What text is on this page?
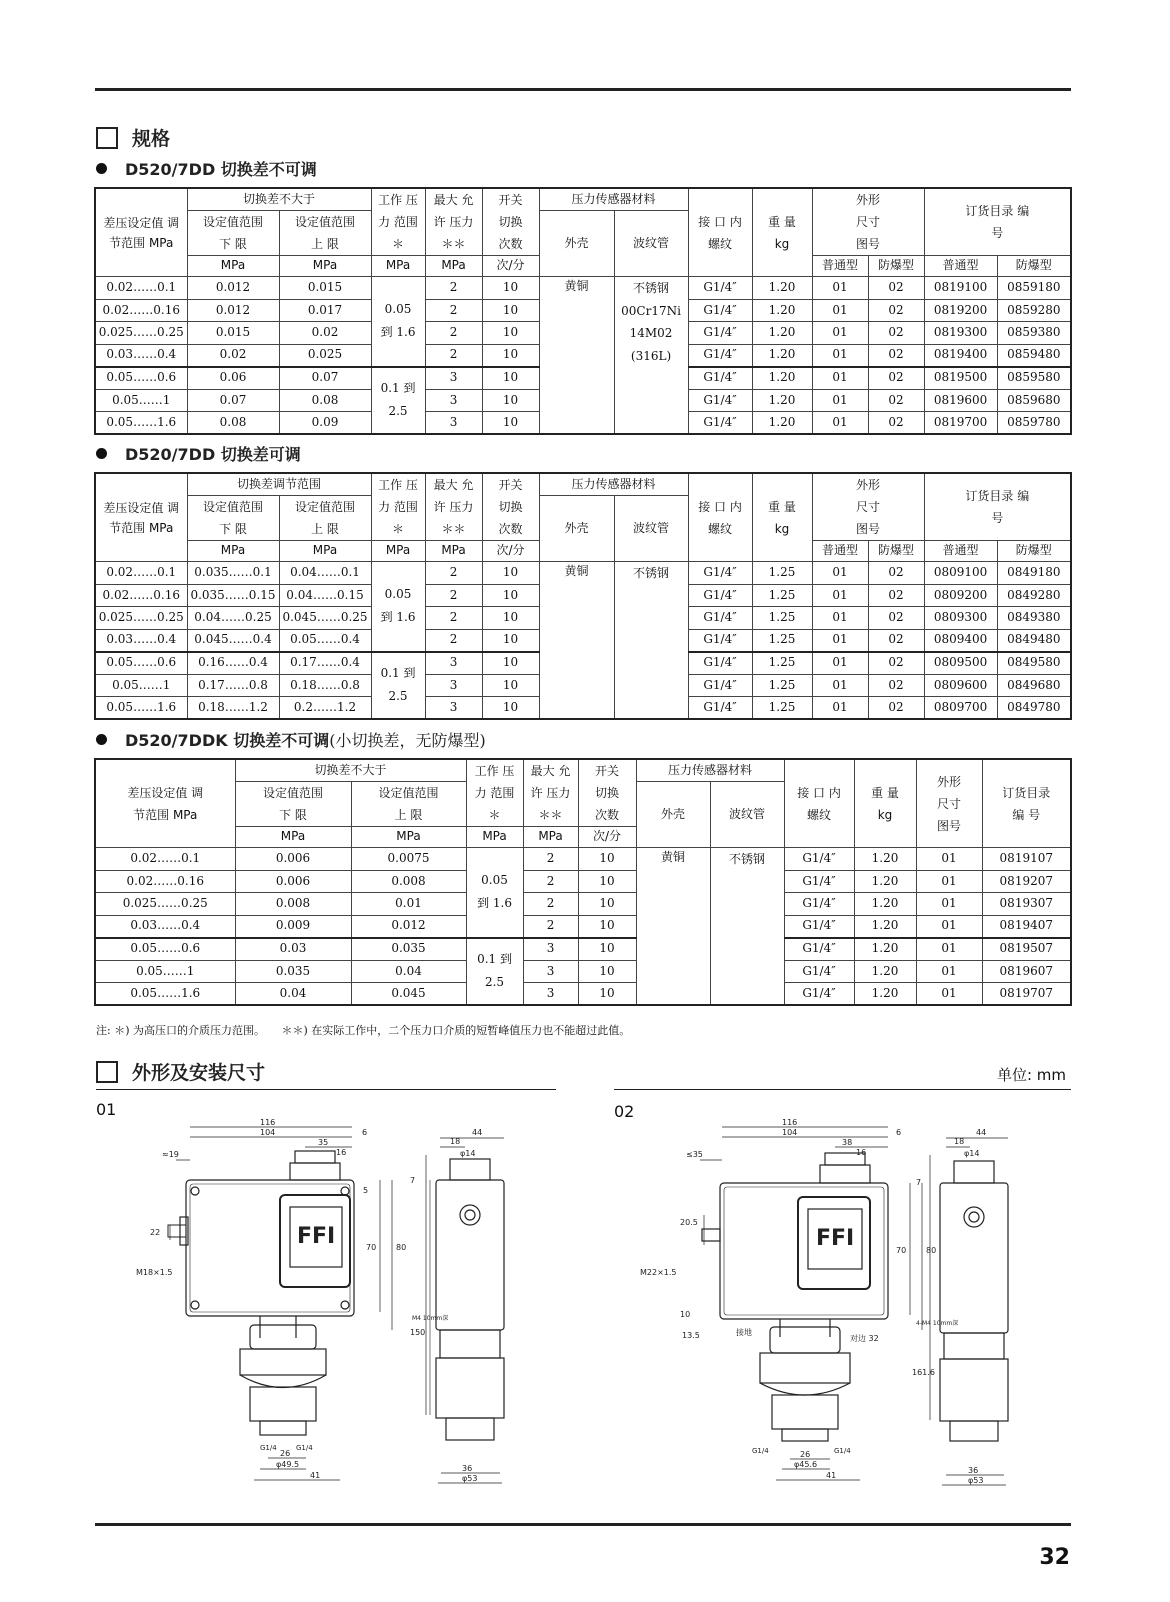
规格
D520/7DD 切换差不可调
差压设定值 调节范围 MPa	切换差不大于		工作 压力 范围＊	最大 允许 压力＊＊	开关 切换 次数	压力传感器材料		接 口 内螺纹	重 量 kg	外形 尺寸 图号		订货目录 编 号	
	设定值范围 下 限	设定值范围 上 限				外壳	波纹管						

	MPa	MPa	MPa	MPa	次/分					普通型	防爆型	普通型	防爆型
0.02……0.1	0.012	0.015	0.05 到 1.6	2	10	黄铜	不锈钢 00Cr17Ni 14M02 (316L)	G1/4″	1.20	01	02	0819100	0859180
0.02……0.16	0.012	0.017		2	10			G1/4″	1.20	01	02	0819200	0859280
0.025……0.25	0.015	0.02		2	10			G1/4″	1.20	01	02	0819300	0859380
0.03……0.4	0.02	0.025		2	10			G1/4″	1.20	01	02	0819400	0859480
0.05……0.6	0.06	0.07	0.1 到 2.5	3	10			G1/4″	1.20	01	02	0819500	0859580
0.05……1	0.07	0.08		3	10			G1/4″	1.20	01	02	0819600	0859680
0.05……1.6	0.08	0.09		3	10			G1/4″	1.20	01	02	0819700	0859780
D520/7DD 切换差可调
差压设定值 调节范围 MPa	切换差调节范围		工作 压力 范围＊	最大 允许 压力＊＊	开关 切换 次数	压力传感器材料		接 口 内螺纹	重 量 kg	外形 尺寸 图号		订货目录 编 号	
	设定值范围 下 限	设定值范围 上 限				外壳	波纹管						

	MPa	MPa	MPa	MPa	次/分					普通型	防爆型	普通型	防爆型
0.02……0.1	0.035……0.1	0.04……0.1	0.05 到 1.6	2	10	黄铜	不锈钢	G1/4″	1.25	01	02	0809100	0849180
0.02……0.16	0.035……0.15	0.04……0.15		2	10			G1/4″	1.25	01	02	0809200	0849280
0.025……0.25	0.04……0.25	0.045……0.25		2	10			G1/4″	1.25	01	02	0809300	0849380
0.03……0.4	0.045……0.4	0.05……0.4		2	10			G1/4″	1.25	01	02	0809400	0849480
0.05……0.6	0.16……0.4	0.17……0.4	0.1 到 2.5	3	10			G1/4″	1.25	01	02	0809500	0849580
0.05……1	0.17……0.8	0.18……0.8		3	10			G1/4″	1.25	01	02	0809600	0849680
0.05……1.6	0.18……1.2	0.2……1.2		3	10			G1/4″	1.25	01	02	0809700	0849780
D520/7DDK 切换差不可调(小切换差，无防爆型)
差压设定值 调节范围 MPa	切换差不大于		工作 压力 范围＊	最大 允许 压力＊＊	开关 切换 次数	压力传感器材料		接 口 内螺纹	重 量 kg	外形 尺寸 图号	订货目录 编 号
	设定值范围 下 限	设定值范围 上 限				外壳	波纹管				

	MPa	MPa	MPa	MPa	次/分						
0.02……0.1	0.006	0.0075	0.05 到 1.6	2	10	黄铜	不锈钢	G1/4″	1.20	01	0819107
0.02……0.16	0.006	0.008		2	10			G1/4″	1.20	01	0819207
0.025……0.25	0.008	0.01		2	10			G1/4″	1.20	01	0819307
0.03……0.4	0.009	0.012		2	10			G1/4″	1.20	01	0819407
0.05……0.6	0.03	0.035	0.1 到 2.5	3	10			G1/4″	1.20	01	0819507
0.05……1	0.035	0.04		3	10			G1/4″	1.20	01	0819607
0.05……1.6	0.04	0.045		3	10			G1/4″	1.20	01	0819707
注: ＊) 为高压口的介质压力范围。　　＊＊) 在实际工作中，二个压力口介质的短暂峰值压力也不能超过此值。
外形及安装尺寸	单位: mm
01	02
FFI
116
104
35
6
16
≈19
22
M18×1.5
5
70 80
150
M4 10mm深
44
18
φ14
7
G1/4	G1/4
26
φ49.5
41
36
φ53
FFI
116
104
38
6
16
≤35
20.5
M22×1.5
70 80
10
13.5	接地
对边 32
161.6
4-M4 10mm深
44
18
φ14
7
G1/4	G1/4
26
φ45.6
41
36
φ53
32
